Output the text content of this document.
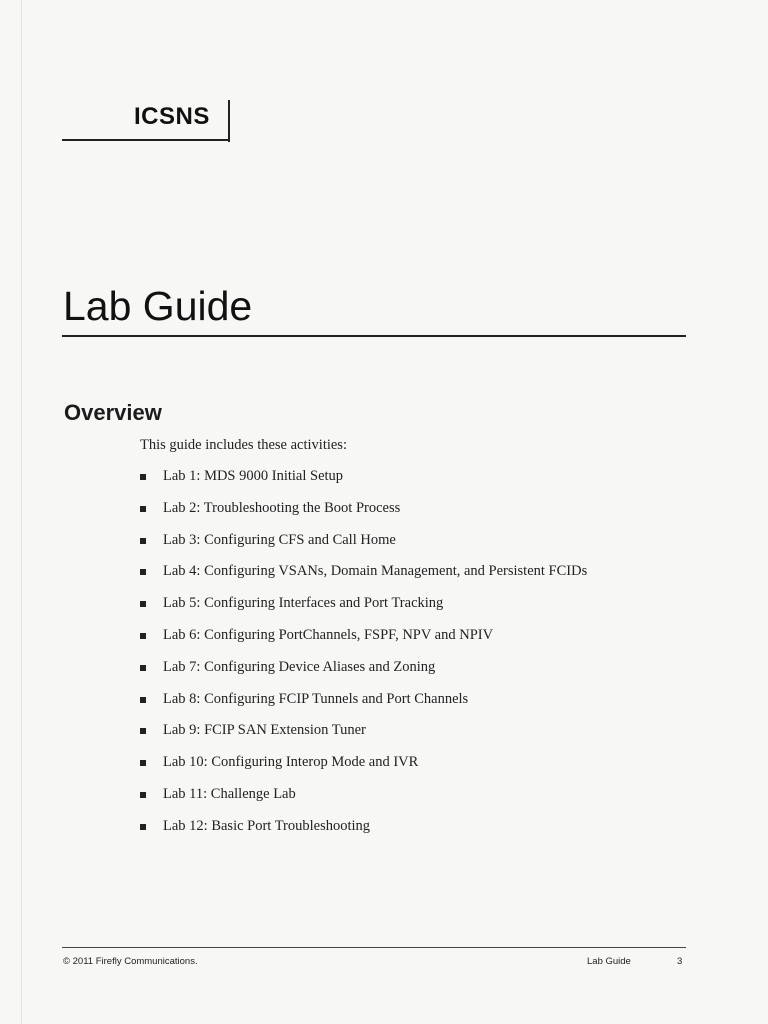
ICSNS
Lab Guide
Overview
This guide includes these activities:
Lab 1: MDS 9000 Initial Setup
Lab 2: Troubleshooting the Boot Process
Lab 3: Configuring CFS and Call Home
Lab 4: Configuring VSANs, Domain Management, and Persistent FCIDs
Lab 5: Configuring Interfaces and Port Tracking
Lab 6: Configuring PortChannels, FSPF, NPV and NPIV
Lab 7: Configuring Device Aliases and Zoning
Lab 8: Configuring FCIP Tunnels and Port Channels
Lab 9: FCIP SAN Extension Tuner
Lab 10: Configuring Interop Mode and IVR
Lab 11: Challenge Lab
Lab 12: Basic Port Troubleshooting
© 2011 Firefly Communications.	Lab Guide	3
